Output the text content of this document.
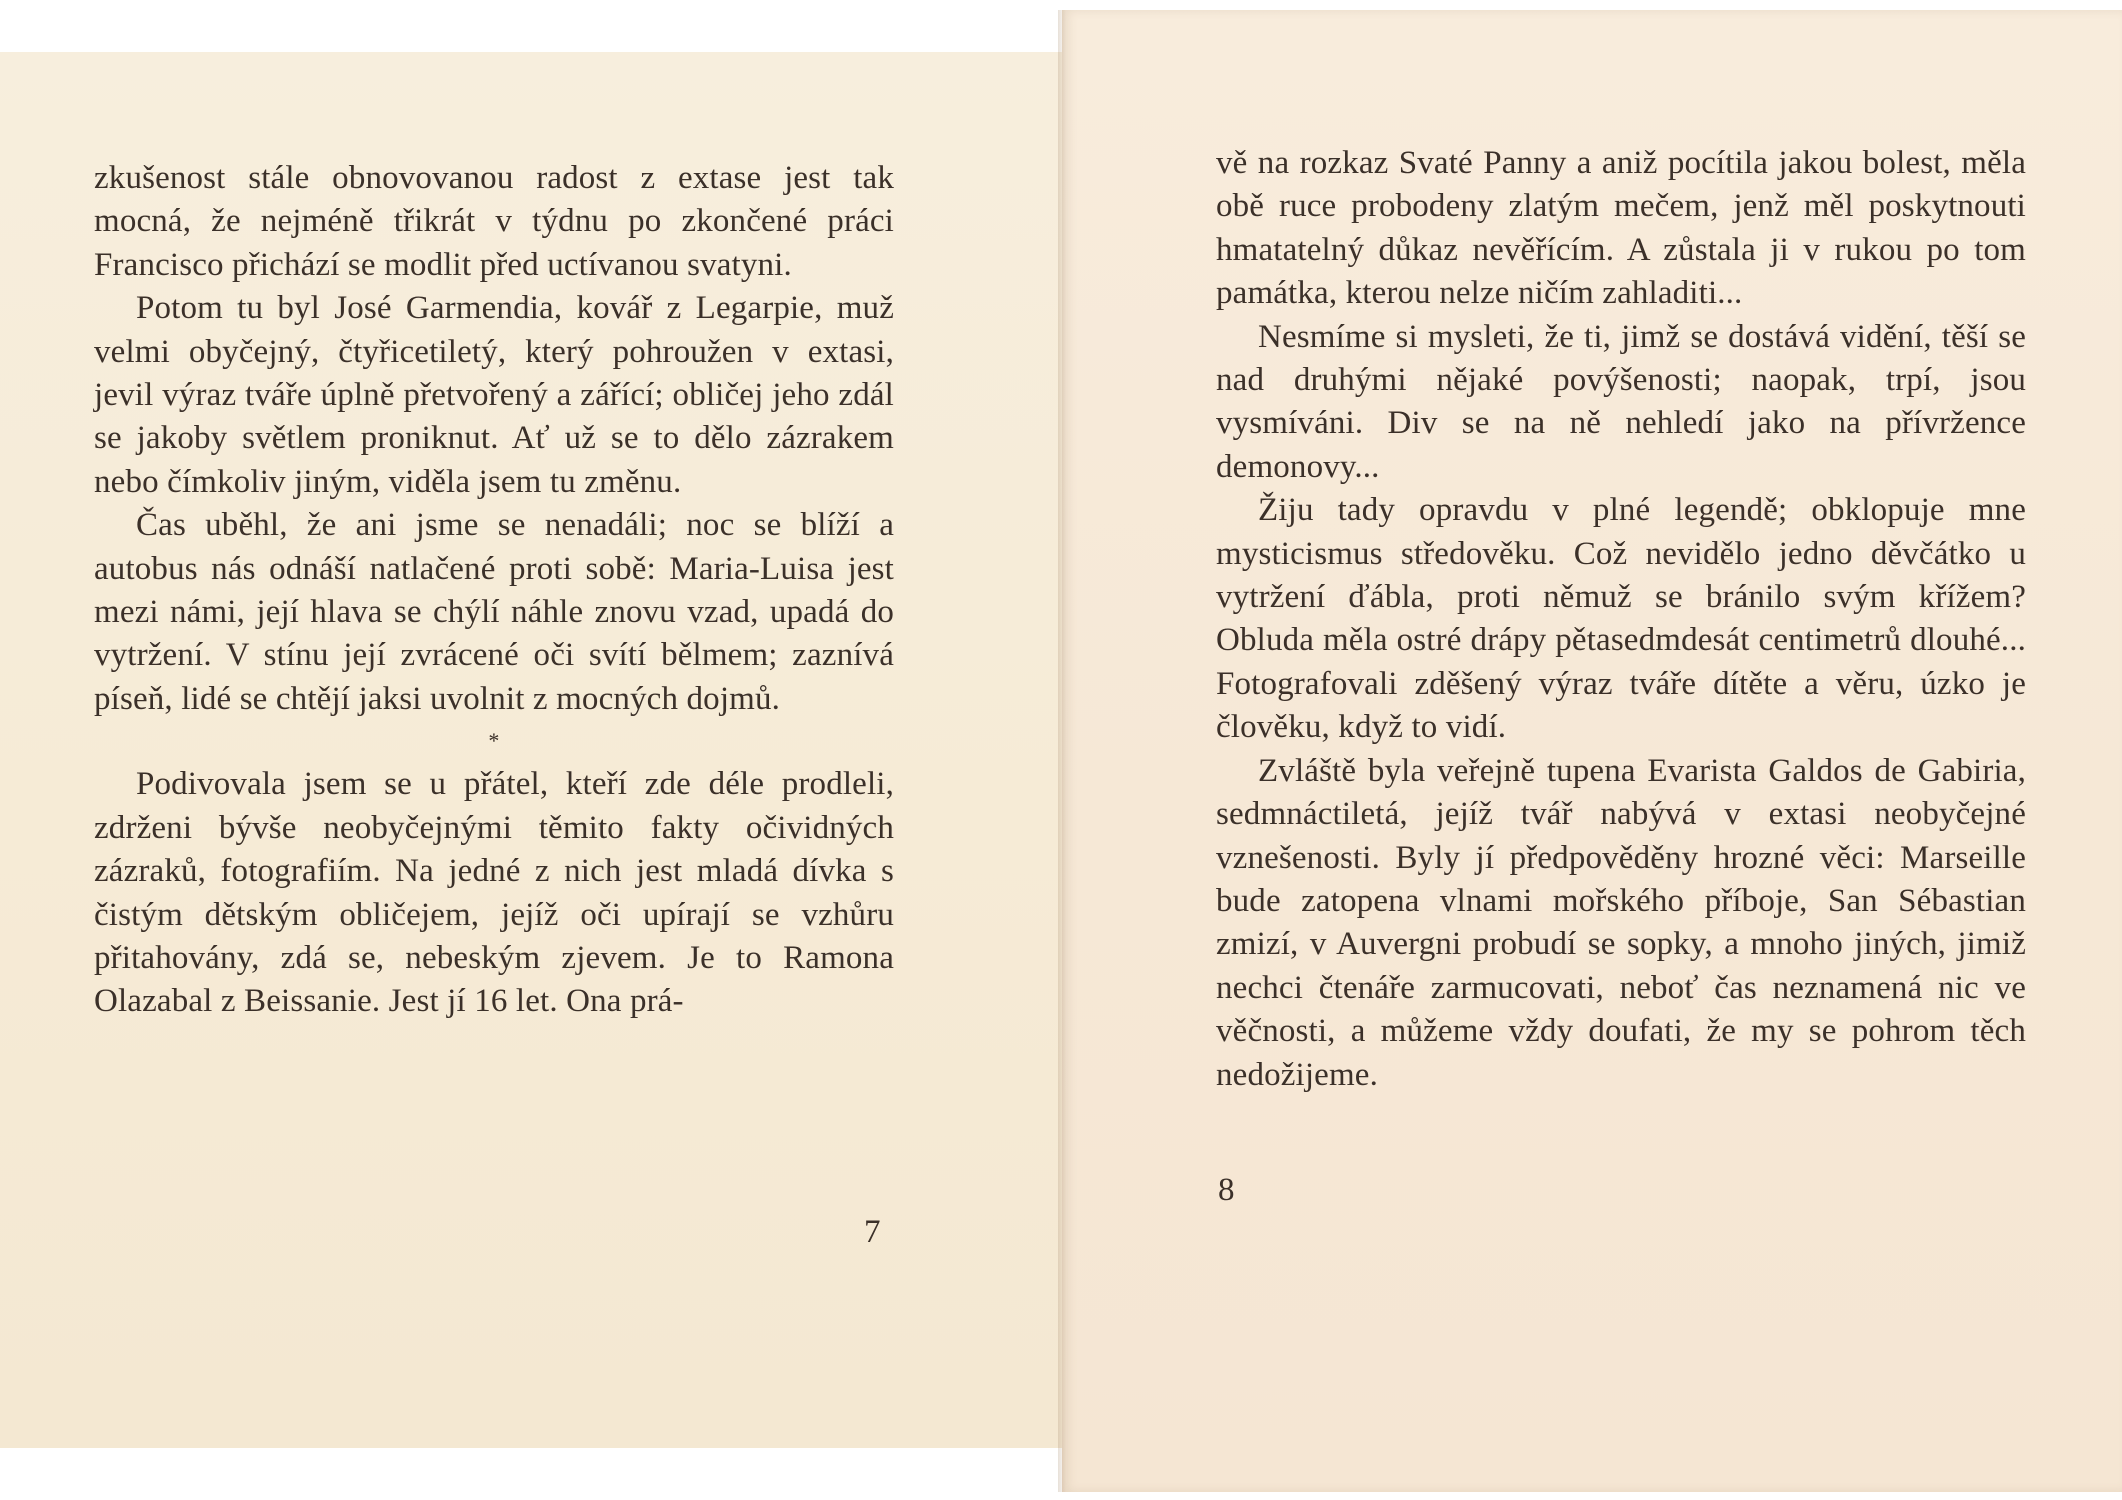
zkušenost stále obnovovanou radost z extase jest tak mocná, že nejméně třikrát v týdnu po zkončené práci Francisco přichází se modlit před uctívanou svatyni.

Potom tu byl José Garmendia, kovář z Legarpie, muž velmi obyčejný, čtyřicetiletý, který pohroužen v extasi, jevil výraz tváře úplně přetvořený a zářící; obličej jeho zdál se jakoby světlem proniknut. Ať už se to dělo zázrakem nebo čímkoliv jiným, viděla jsem tu změnu.

Čas uběhl, že ani jsme se nenadáli; noc se blíží a autobus nás odnáší natlačené proti sobě: Maria-Luisa jest mezi námi, její hlava se chýlí náhle znovu vzad, upadá do vytržení. V stínu její zvrácené oči svítí bělmem; zaznívá píseň, lidé se chtějí jaksi uvolnit z mocných dojmů.

*

Podivovala jsem se u přátel, kteří zde déle prodleli, zdrženi bývše neobyčejnými těmito fakty očividných zázraků, fotografiím. Na jedné z nich jest mladá dívka s čistým dětským obličejem, jejíž oči upírají se vzhůru přitahovány, zdá se, nebeským zjevem. Je to Ramona Olazabal z Beissanie. Jest jí 16 let. Ona prá-

7

vě na rozkaz Svaté Panny a aniž pocítila jakou bolest, měla obě ruce probodeny zlatým mečem, jenž měl poskytnouti hmatatelný důkaz nevěřícím. A zůstala ji v rukou po tom památka, kterou nelze ničím zahladiti...

Nesmíme si mysleti, že ti, jimž se dostává vidění, těší se nad druhými nějaké povýšenosti; naopak, trpí, jsou vysmíváni. Div se na ně nehledí jako na přívržence demonovy...

Žiju tady opravdu v plné legendě; obklopuje mne mysticismus středověku. Což nevidělo jedno děvčátko u vytržení ďábla, proti němuž se bránilo svým křížem? Obluda měla ostré drápy pětasedmdesát centimetrů dlouhé... Fotografovali zděšený výraz tváře dítěte a věru, úzko je člověku, když to vidí.

Zvláště byla veřejně tupena Evarista Galdos de Gabiria, sedmnáctiletá, jejíž tvář nabývá v extasi neobyčejné vznešenosti. Byly jí předpověděny hrozné věci: Marseille bude zatopena vlnami mořského příboje, San Sébastian zmizí, v Auvergni probudí se sopky, a mnoho jiných, jimiž nechci čtenáře zarmucovati, neboť čas neznamená nic ve věčnosti, a můžeme vždy doufati, že my se pohrom těch nedožijeme.

8
